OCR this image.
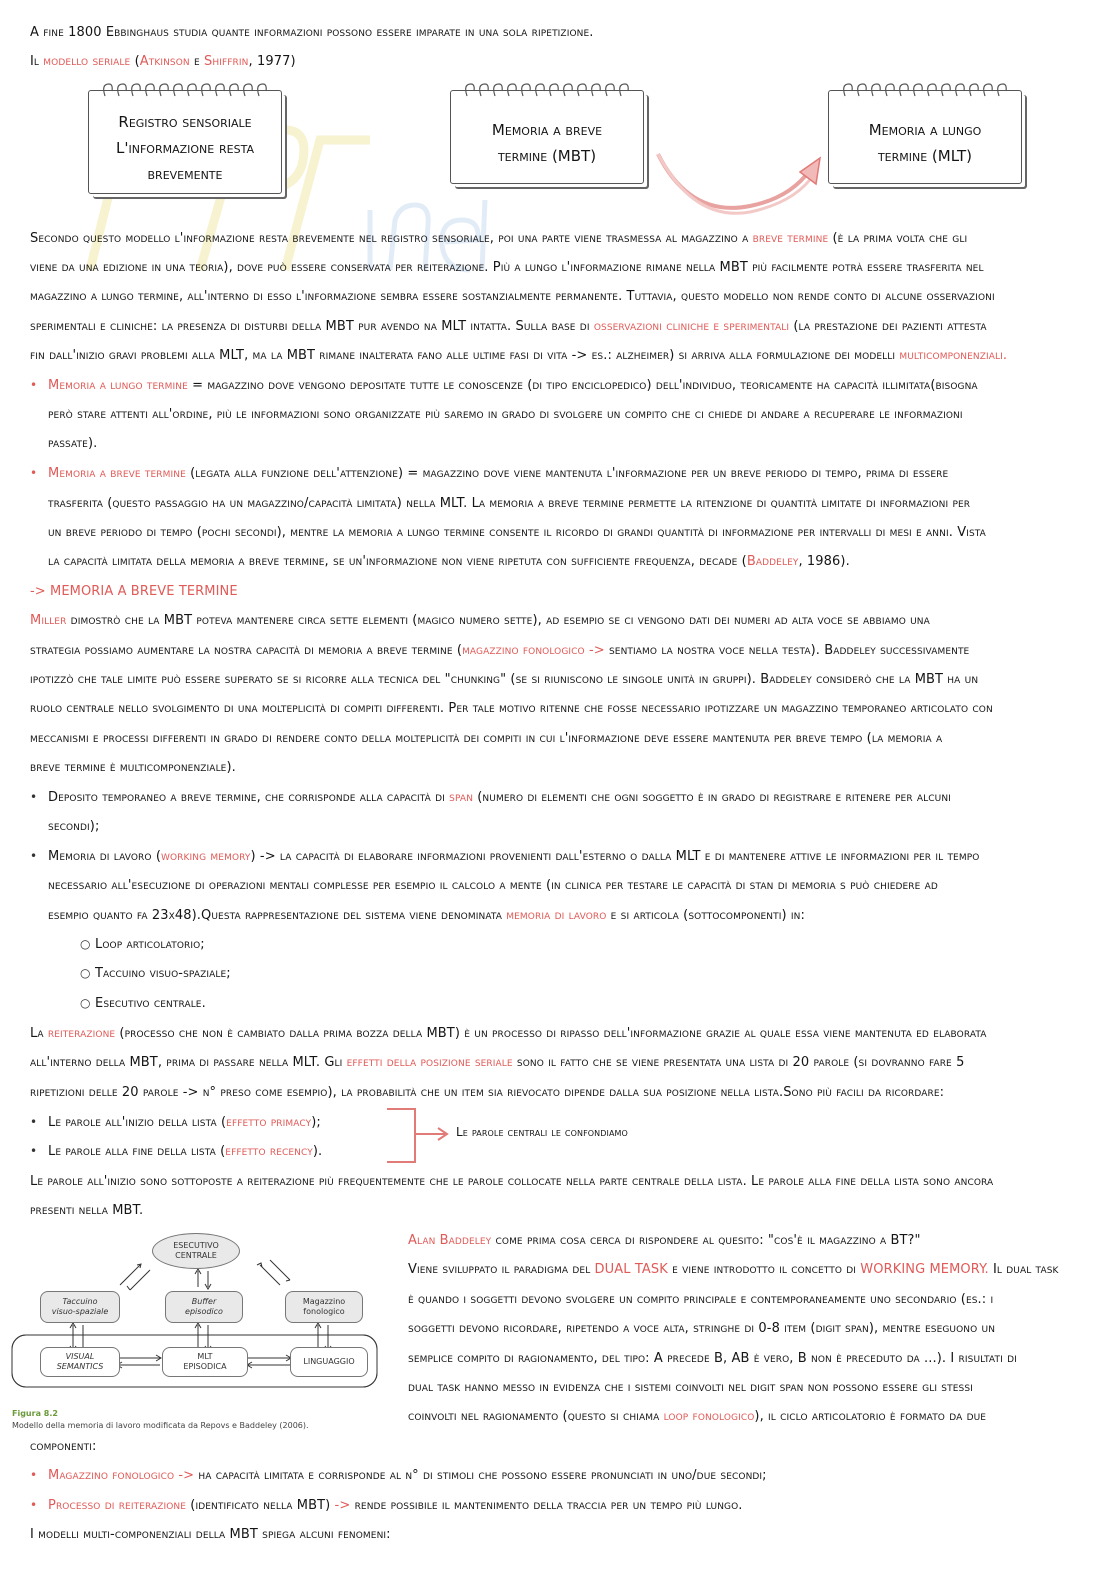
A fine 1800 Ebbinghaus studia quante informazioni possono essere imparate in una sola ripetizione.
Il modello seriale (Atkinson e Shiffrin, 1977)
Registro sensoriale
L'informazione resta
brevemente
Memoria a breve
termine (MBT)
Memoria a lungo
termine (MLT)
Secondo questo modello l'informazione resta brevemente nel registro sensoriale, poi una parte viene trasmessa al magazzino a breve termine (è la prima volta che gli
viene da una edizione in una teoria), dove può essere conservata per reiterazione. Più a lungo l'informazione rimane nella MBT più facilmente potrà essere trasferita nel
magazzino a lungo termine, all'interno di esso l'informazione sembra essere sostanzialmente permanente. Tuttavia, questo modello non rende conto di alcune osservazioni
sperimentali e cliniche: la presenza di disturbi della MBT pur avendo na MLT intatta. Sulla base di osservazioni cliniche e sperimentali (la prestazione dei pazienti attesta
fin dall'inizio gravi problemi alla MLT, ma la MBT rimane inalterata fano alle ultime fasi di vita -> es.: alzheimer) si arriva alla formulazione dei modelli multicomponenziali.
• Memoria a lungo termine = magazzino dove vengono depositate tutte le conoscenze (di tipo enciclopedico) dell'individuo, teoricamente ha capacità illimitata(bisogna
però stare attenti all'ordine, più le informazioni sono organizzate più saremo in grado di svolgere un compito che ci chiede di andare a recuperare le informazioni
passate).
• Memoria a breve termine (legata alla funzione dell'attenzione) = magazzino dove viene mantenuta l'informazione per un breve periodo di tempo, prima di essere
trasferita (questo passaggio ha un magazzino/capacità limitata) nella MLT. La memoria a breve termine permette la ritenzione di quantità limitate di informazioni per
un breve periodo di tempo (pochi secondi), mentre la memoria a lungo termine consente il ricordo di grandi quantità di informazione per intervalli di mesi e anni. Vista
la capacità limitata della memoria a breve termine, se un'informazione non viene ripetuta con sufficiente frequenza, decade (Baddeley, 1986).
-> MEMORIA A BREVE TERMINE
Miller dimostrò che la MBT poteva mantenere circa sette elementi (magico numero sette), ad esempio se ci vengono dati dei numeri ad alta voce se abbiamo una
strategia possiamo aumentare la nostra capacità di memoria a breve termine (magazzino fonologico -> sentiamo la nostra voce nella testa). Baddeley successivamente
ipotizzò che tale limite può essere superato se si ricorre alla tecnica del "chunking" (se si riuniscono le singole unità in gruppi). Baddeley considerò che la MBT ha un
ruolo centrale nello svolgimento di una molteplicità di compiti differenti. Per tale motivo ritenne che fosse necessario ipotizzare un magazzino temporaneo articolato con
meccanismi e processi differenti in grado di rendere conto della molteplicità dei compiti in cui l'informazione deve essere mantenuta per breve tempo (la memoria a
breve termine è multicomponenziale).
• Deposito temporaneo a breve termine, che corrisponde alla capacità di span (numero di elementi che ogni soggetto è in grado di registrare e ritenere per alcuni
secondi);
• Memoria di lavoro (working memory) -> la capacità di elaborare informazioni provenienti dall'esterno o dalla MLT e di mantenere attive le informazioni per il tempo
necessario all'esecuzione di operazioni mentali complesse per esempio il calcolo a mente (in clinica per testare le capacità di stan di memoria s può chiedere ad
esempio quanto fa 23x48).Questa rappresentazione del sistema viene denominata memoria di lavoro e si articola (sottocomponenti) in:
○ Loop articolatorio;
○ Taccuino visuo-spaziale;
○ Esecutivo centrale.
La reiterazione (processo che non è cambiato dalla prima bozza della MBT) è un processo di ripasso dell'informazione grazie al quale essa viene mantenuta ed elaborata
all'interno della MBT, prima di passare nella MLT. Gli effetti della posizione seriale sono il fatto che se viene presentata una lista di 20 parole (si dovranno fare 5
ripetizioni delle 20 parole -> n° preso come esempio), la probabilità che un item sia rievocato dipende dalla sua posizione nella lista.Sono più facili da ricordare:
• Le parole all'inizio della lista (effetto primacy);
• Le parole alla fine della lista (effetto recency).
Le parole centrali le confondiamo
Le parole all'inizio sono sottoposte a reiterazione più frequentemente che le parole collocate nella parte centrale della lista. Le parole alla fine della lista sono ancora
presenti nella MBT.
ESECUTIVO
CENTRALE
Taccuino
visuo-spaziale
Buffer
episodico
Magazzino
fonologico
VISUAL
SEMANTICS
MLT
EPISODICA
LINGUAGGIO
Figura 8.2
Modello della memoria di lavoro modificata da Repovs e Baddeley (2006).
Alan Baddeley come prima cosa cerca di rispondere al quesito: "cos'è il magazzino a BT?"
Viene sviluppato il paradigma del DUAL TASK e viene introdotto il concetto di WORKING MEMORY. Il dual task
è quando i soggetti devono svolgere un compito principale e contemporaneamente uno secondario (es.: i
soggetti devono ricordare, ripetendo a voce alta, stringhe di 0-8 item (digit span), mentre eseguono un
semplice compito di ragionamento, del tipo: A precede B, AB è vero, B non è preceduto da ...). I risultati di
dual task hanno messo in evidenza che i sistemi coinvolti nel digit span non possono essere gli stessi
coinvolti nel ragionamento (questo si chiama loop fonologico), il ciclo articolatorio è formato da due
componenti:
• Magazzino fonologico -> ha capacità limitata e corrisponde al n° di stimoli che possono essere pronunciati in uno/due secondi;
• Processo di reiterazione (identificato nella MBT) -> rende possibile il mantenimento della traccia per un tempo più lungo.
I modelli multi-componenziali della MBT spiega alcuni fenomeni:
